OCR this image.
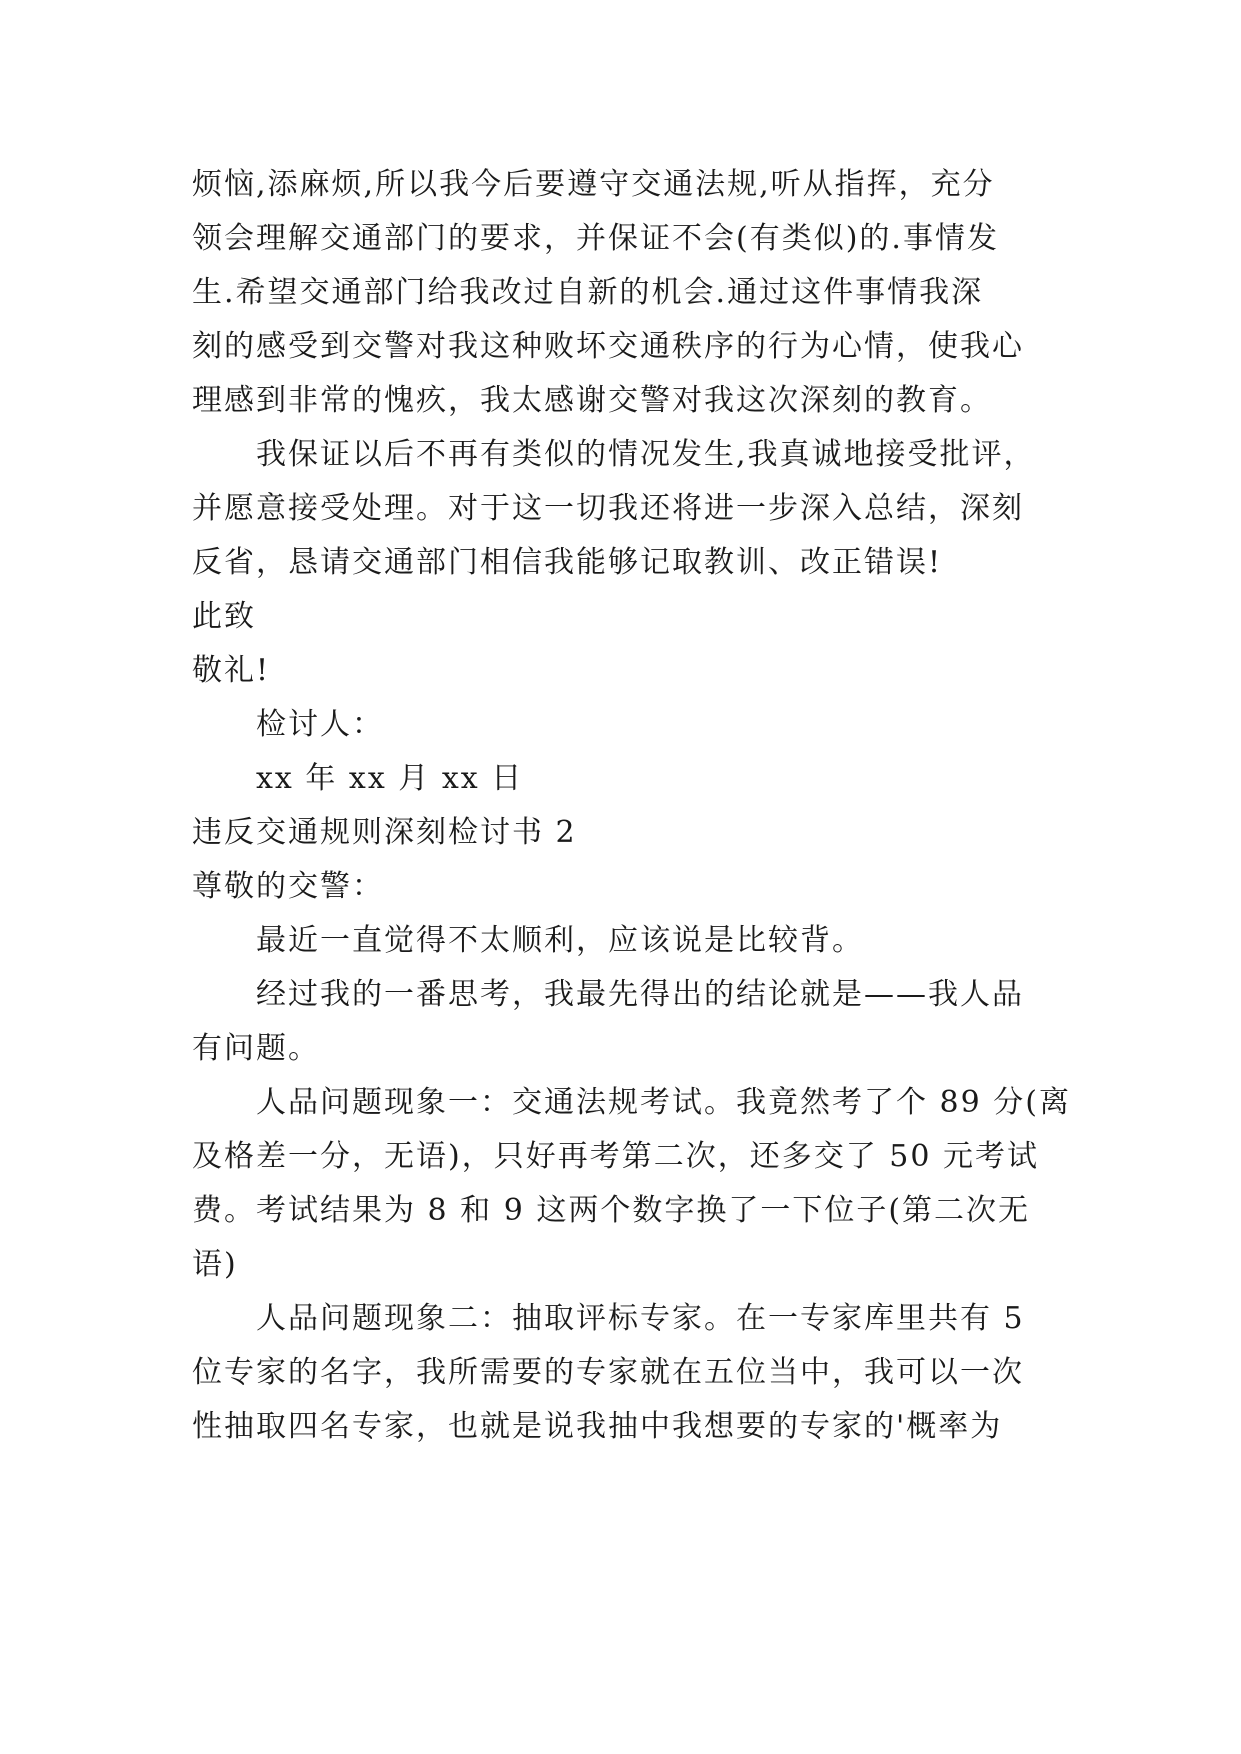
烦恼,添麻烦,所以我今后要遵守交通法规,听从指挥，充分
领会理解交通部门的要求，并保证不会(有类似)的.事情发
生.希望交通部门给我改过自新的机会.通过这件事情我深
刻的感受到交警对我这种败坏交通秩序的行为心情，使我心
理感到非常的愧疚，我太感谢交警对我这次深刻的教育。
我保证以后不再有类似的情况发生,我真诚地接受批评，
并愿意接受处理。对于这一切我还将进一步深入总结，深刻
反省，恳请交通部门相信我能够记取教训、改正错误!
此致
敬礼!
检讨人：
xx 年 xx 月 xx 日
违反交通规则深刻检讨书 2
尊敬的交警：
最近一直觉得不太顺利，应该说是比较背。
经过我的一番思考，我最先得出的结论就是——我人品
有问题。
人品问题现象一：交通法规考试。我竟然考了个 89 分(离
及格差一分，无语)，只好再考第二次，还多交了 50 元考试
费。考试结果为 8 和 9 这两个数字换了一下位子(第二次无
语)
人品问题现象二：抽取评标专家。在一专家库里共有 5
位专家的名字，我所需要的专家就在五位当中，我可以一次
性抽取四名专家，也就是说我抽中我想要的专家的'概率为
